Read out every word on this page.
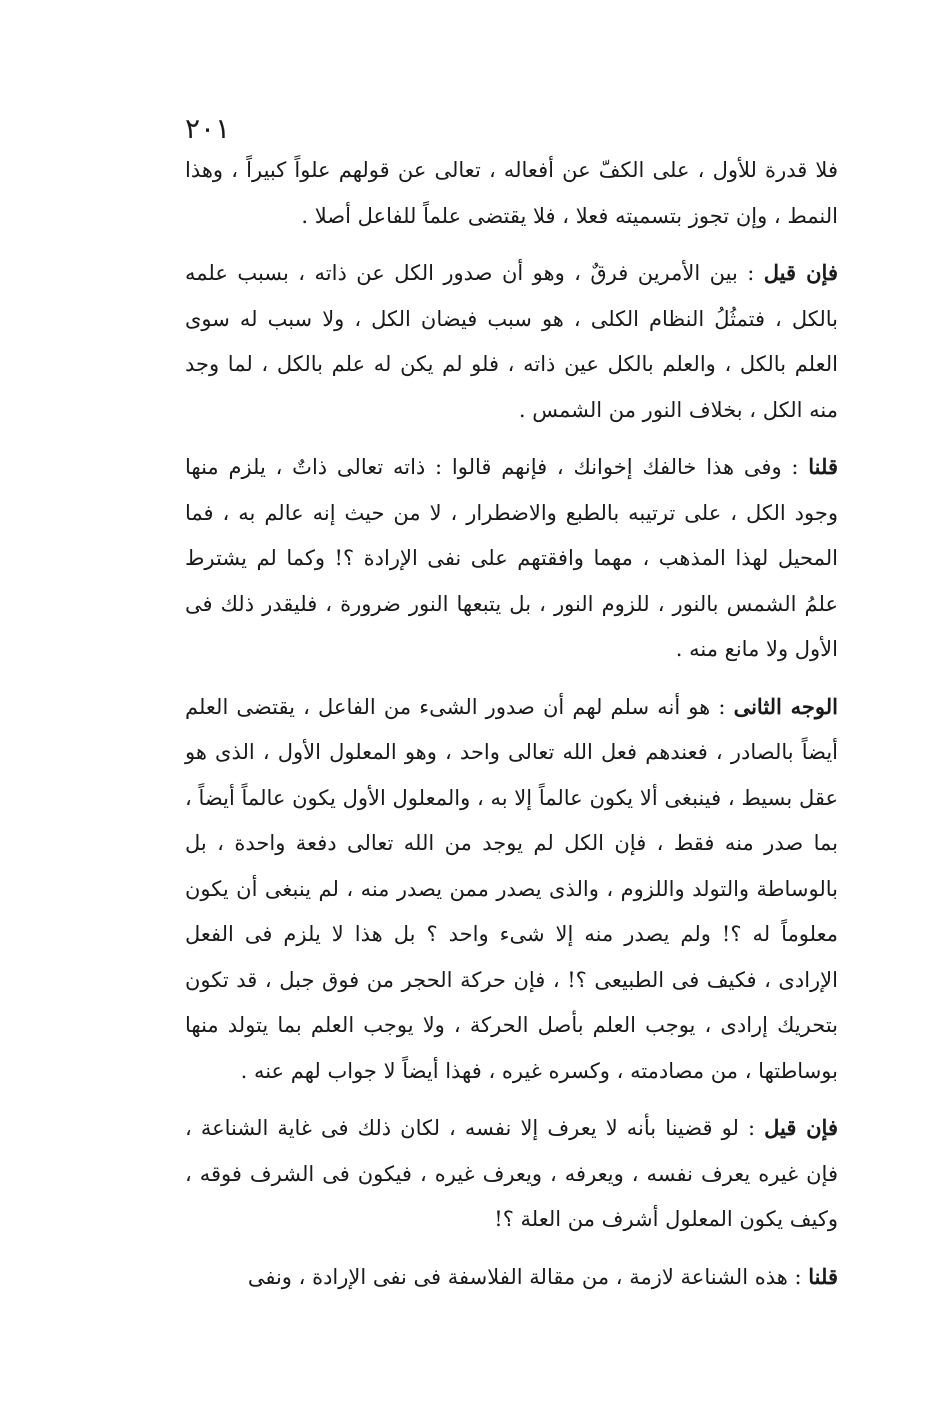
٢٠١

فلا قدرة للأول ، على الكفّ عن أفعاله ، تعالى عن قولهم علواً كبيراً ، وهذا النمط ، وإن تجوز بتسميته فعلا ، فلا يقتضى علماً للفاعل أصلا .

فإن قيل : بين الأمرين فرقٌ ، وهو أن صدور الكل عن ذاته ، بسبب علمه بالكل ، فتمثُلُ النظام الكلى ، هو سبب فيضان الكل ، ولا سبب له سوى العلم بالكل ، والعلم بالكل عين ذاته ، فلو لم يكن له علم بالكل ، لما وجد منه الكل ، بخلاف النور من الشمس .

قلنا : وفى هذا خالفك إخوانك ، فإنهم قالوا : ذاته تعالى ذاتٌ ، يلزم منها وجود الكل ، على ترتيبه بالطبع والاضطرار ، لا من حيث إنه عالم به ، فما المحيل لهذا المذهب ، مهما وافقتهم على نفى الإرادة ؟! وكما لم يشترط علمُ الشمس بالنور ، للزوم النور ، بل يتبعها النور ضرورة ، فليقدر ذلك فى الأول ولا مانع منه .

الوجه الثانى : هو أنه سلم لهم أن صدور الشىء من الفاعل ، يقتضى العلم أيضاً بالصادر ، فعندهم فعل الله تعالى واحد ، وهو المعلول الأول ، الذى هو عقل بسيط ، فينبغى ألا يكون عالماً إلا به ، والمعلول الأول يكون عالماً أيضاً ، بما صدر منه فقط ، فإن الكل لم يوجد من الله تعالى دفعة واحدة ، بل بالوساطة والتولد واللزوم ، والذى يصدر ممن يصدر منه ، لم ينبغى أن يكون معلوماً له ؟! ولم يصدر منه إلا شىء واحد ؟ بل هذا لا يلزم فى الفعل الإرادى ، فكيف فى الطبيعى ؟! ، فإن حركة الحجر من فوق جبل ، قد تكون بتحريك إرادى ، يوجب العلم بأصل الحركة ، ولا يوجب العلم بما يتولد منها بوساطتها ، من مصادمته ، وكسره غيره ، فهذا أيضاً لا جواب لهم عنه .

فإن قيل : لو قضينا بأنه لا يعرف إلا نفسه ، لكان ذلك فى غاية الشناعة ، فإن غيره يعرف نفسه ، ويعرفه ، ويعرف غيره ، فيكون فى الشرف فوقه ، وكيف يكون المعلول أشرف من العلة ؟!

قلنا : هذه الشناعة لازمة ، من مقالة الفلاسفة فى نفى الإرادة ، ونفى
